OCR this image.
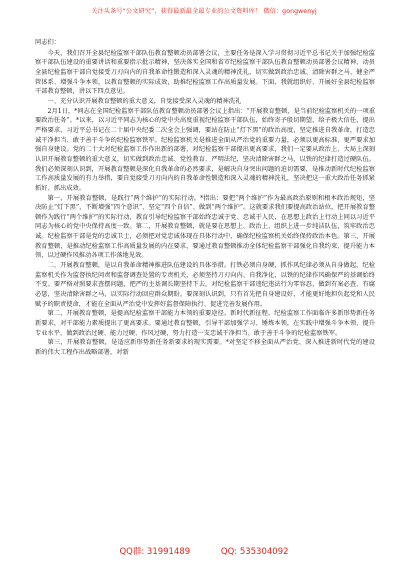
关注头条号“公文研究”，获得最新最全最专业的公文资料库！ 微信：gongwenyj

同志们：

今天，我们召开全县纪检监察干部队伍教育整顿动员部署会议，主要任务是深入学习贯彻习近平总书记关于加强纪检监察干部队伍建设的重要讲话和重要指示批示精神，坚决落实全国和省市纪检监察干部队伍教育整顿动员部署会议精神，动员全县纪检监察干部自觉接受刀刃向内的自我革命性锻造和深入灵魂的精神洗礼，切实做到政治忠诚、清除害群之马、健全严管体系、增强斗争本领，以教育整顿的实际成效，助推纪检监察工作高质量发展。下面，我就组织好、开展好全县纪检监察干部教育整顿，讲以下四点意见。

一、充分认识开展教育整顿的重大意义，自觉接受深入灵魂的精神洗礼

2月1日，*同志在全国纪检监察干部队伍教育整顿动员部署会议上指出：“开展教育整顿，是当前纪检监察机关的一项重要政治任务”。*以来，以习近平同志为核心的党中央高度重视纪检监察干部队伍，始终寄予殷切期望，给予极大信任，提出严格要求，习近平总书记在二十届中央纪委二次全会上强调，要站在防止“灯下黑”的政治高度，坚定推进自我革命，打造忠诚干净担当、敢于善于斗争的纪检监察铁军。纪检监察机关是推进全面从严治党的重要力量，必须以更高标准、更严要求加强自身建设。党的二十大对纪检监察工作作出新的部署，对纪检监察干部提出更高要求，我们一定要从政治上、大局上深刻认识开展教育整顿的重大意义，切实做到政治忠诚、党性教育、严明法纪，坚决清除害群之马，以铁的纪律打造过硬队伍。我们必须深刻认识到，开展教育整顿是深化自我革命的必然要求，是解决自身突出问题的迫切需要，是推动新时代纪检监察工作高质量发展的有力举措，要自觉接受刀刃向内的自我革命性锻造和深入灵魂的精神洗礼，坚决把这一重大政治任务抓紧抓好、抓出成效。

第一，开展教育整顿，是践行“两个维护”的实际行动。*指出：要把“两个维护”作为最高政治原则和根本政治规矩，坚决防止“灯下黑”，不断增强“四个意识”、坚定“四个自信”、做到“两个维护”。这就要求我们要提高政治站位，把开展教育整顿作为践行“两个维护”的实际行动，教育引导纪检监察干部始终忠诚于党、忠诚于人民，在思想上政治上行动上同以习近平同志为核心的党中央保持高度一致。第二，开展教育整顿，就是要在思想上、政治上、组织上进一步纯洁队伍，筑牢政治忠诚。纪检监察干部是党的忠诚卫士，必须把对党忠诚体现在具体行动中，确保纪检监察机关始终保持政治本色。第三，开展教育整顿，是推动纪检监察工作高质量发展的内在要求，要通过教育整顿推动全体纪检监察干部强化自我约束、提升能力本领，以过硬作风推动各项工作落地见效。

二、开展教育整顿，是以自我革命精神推进队伍建设的具体举措。打铁必须自身硬，抓作风纪律必须从自身做起，纪检监察机关作为监督执纪问责和监督调查处置的专责机关，必须坚持刀刃向内、自我净化，以铁的纪律作风确保严的基调始终不变。要严格对照要求查摆问题，把严的主基调长期坚持下去，对纪检监察干部违纪违法行为零容忍，做到有案必查、有腐必惩，坚决清除害群之马，以实际行动回应群众期盼。要深刻认识到，只有首先把自身建设好，才能更好地担负起党和人民赋予的职责使命，才能在全面从严治党中发挥好监督保障执行、促进完善发展作用。

第二，开展教育整顿，是提高纪检监察干部能力本领的重要途径。新时代新征程，纪检监察工作面临许多新形势新任务新要求，对干部能力素质提出了更高要求。要通过教育整顿，引导干部加强学习、锤炼本领，在实践中增强斗争本领、提升专业水平，做到政治过硬、能力过硬、作风过硬，努力打造一支忠诚干净担当、敢于善于斗争的纪检监察铁军。

第三，开展教育整顿，是适应新形势新任务新要求的现实需要。*对坚定不移全面从严治党、深入推进新时代党的建设新的伟大工程作出战略部署，对新

QQ群: 31991489	QQ: 535304092
